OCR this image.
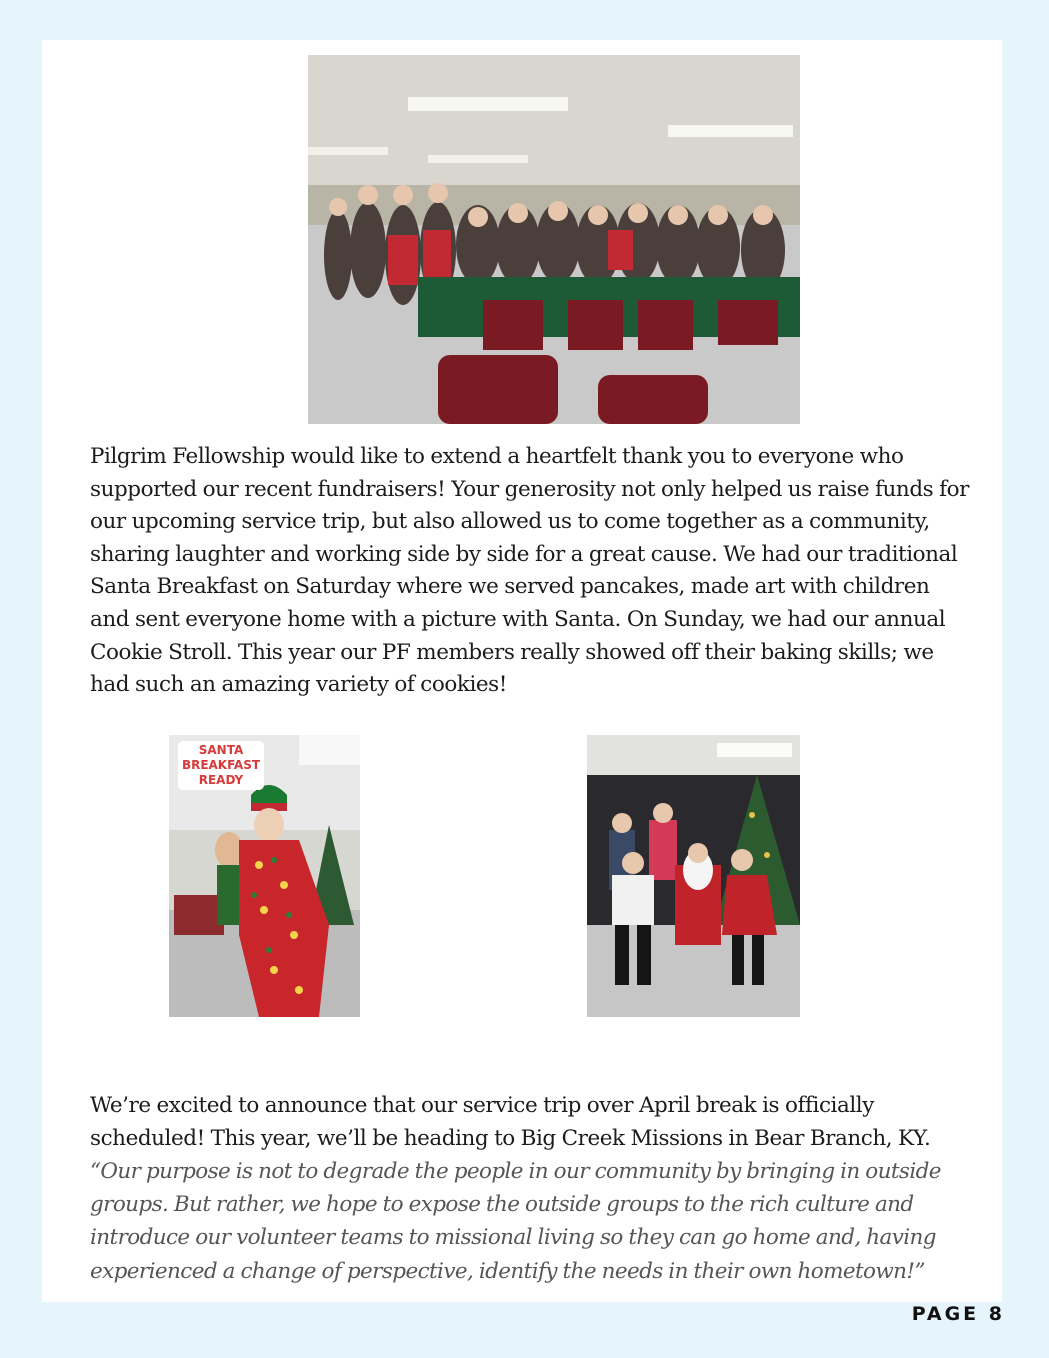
Pilgrim Fellowship would like to extend a heartfelt thank you to everyone who supported our recent fundraisers! Your generosity not only helped us raise funds for our upcoming service trip, but also allowed us to come together as a community, sharing laughter and working side by side for a great cause. We had our traditional Santa Breakfast on Saturday where we served pancakes, made art with children and sent everyone home with a picture with Santa. On Sunday, we had our annual Cookie Stroll. This year our PF members really showed off their baking skills; we had such an amazing variety of cookies!

SANTA
BREAKFAST
READY

We’re excited to announce that our service trip over April break is officially scheduled! This year, we’ll be heading to Big Creek Missions in Bear Branch, KY.

“Our purpose is not to degrade the people in our community by bringing in outside groups. But rather, we hope to expose the outside groups to the rich culture and introduce our volunteer teams to missional living so they can go home and, having experienced a change of perspective, identify the needs in their own hometown!”

PAGE 8
